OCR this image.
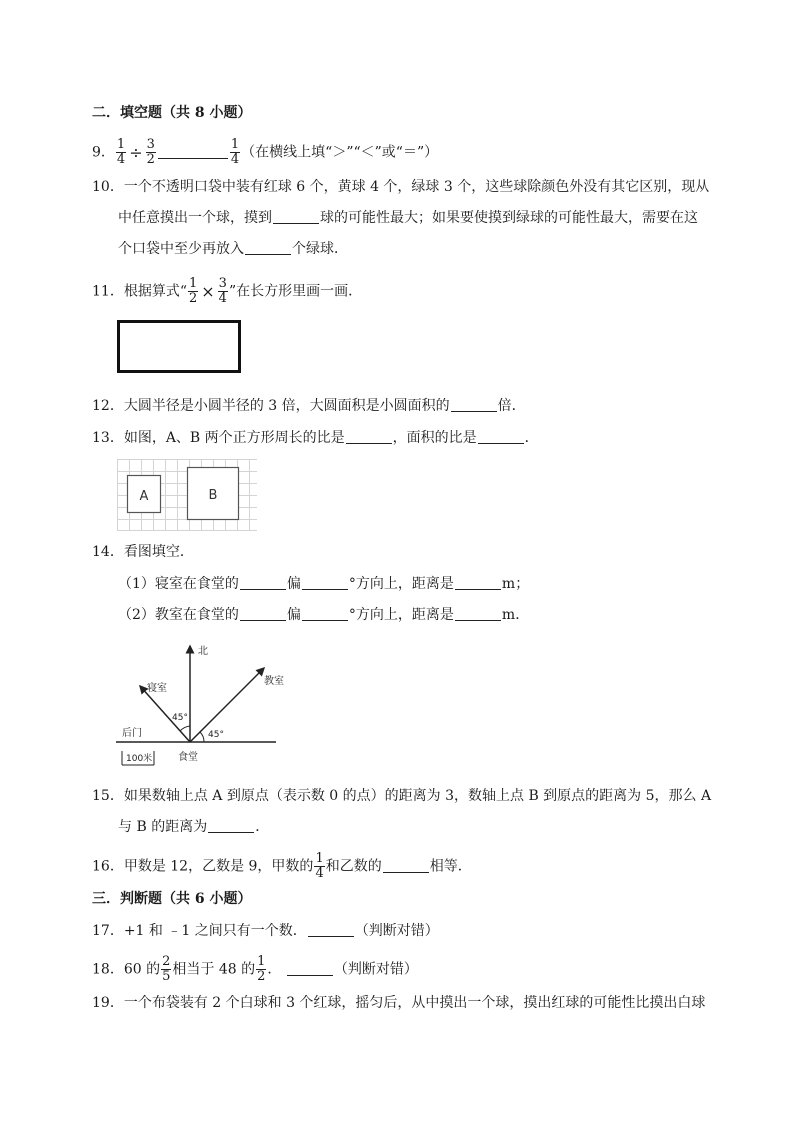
二．填空题（共 8 小题）
9． $\frac{1}{4} \div \frac{3}{2}$	$\frac{1}{4}$ （在横线上填“＞”“＜”或“＝”）
10．一个不透明口袋中装有红球 6 个，黄球 4 个，绿球 3 个，这些球除颜色外没有其它区别，现从
中任意摸出一个球，摸到	球的可能性最大；如果要使摸到绿球的可能性最大，需要在这
个口袋中至少再放入	个绿球．
11．根据算式“ $\frac{1}{2} \times \frac{3}{4}$ ”在长方形里画一画．
12．大圆半径是小圆半径的 3 倍，大圆面积是小圆面积的	倍．
13．如图，A、B 两个正方形周长的比是	，面积的比是	．
A	B
14．看图填空．
（1）寝室在食堂的	偏	°方向上，距离是	m；
（2）教室在食堂的	偏	°方向上，距离是	m．
北
寝室
教室
45°
45°
后门
食堂
100米
15．如果数轴上点 A 到原点（表示数 0 的点）的距离为 3，数轴上点 B 到原点的距离为 5，那么 A
与 B 的距离为	．
16．甲数是 12，乙数是 9，甲数的 $\frac{1}{4}$ 和乙数的	相等．
三．判断题（共 6 小题）
17．+1 和 ﹣1 之间只有一个数．	（判断对错）
18．60 的 $\frac{2}{5}$ 相当于 48 的 $\frac{1}{2}$ ．	（判断对错）
19．一个布袋装有 2 个白球和 3 个红球，摇匀后，从中摸出一个球，摸出红球的可能性比摸出白球
